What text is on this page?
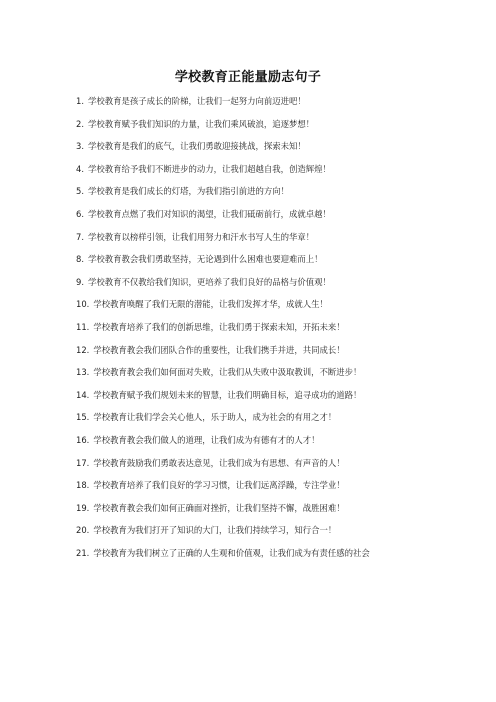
学校教育正能量励志句子
1. 学校教育是孩子成长的阶梯，让我们一起努力向前迈进吧！
2. 学校教育赋予我们知识的力量，让我们乘风破浪，追逐梦想！
3. 学校教育是我们的底气，让我们勇敢迎接挑战，探索未知！
4. 学校教育给予我们不断进步的动力，让我们超越自我，创造辉煌！
5. 学校教育是我们成长的灯塔，为我们指引前进的方向！
6. 学校教育点燃了我们对知识的渴望，让我们砥砺前行，成就卓越！
7. 学校教育以榜样引领，让我们用努力和汗水书写人生的华章！
8. 学校教育教会我们勇敢坚持，无论遇到什么困难也要迎难而上！
9. 学校教育不仅教给我们知识，更培养了我们良好的品格与价值观！
10. 学校教育唤醒了我们无限的潜能，让我们发挥才华，成就人生！
11. 学校教育培养了我们的创新思维，让我们勇于探索未知，开拓未来！
12. 学校教育教会我们团队合作的重要性，让我们携手并进，共同成长！
13. 学校教育教会我们如何面对失败，让我们从失败中汲取教训，不断进步！
14. 学校教育赋予我们规划未来的智慧，让我们明确目标，追寻成功的道路！
15. 学校教育让我们学会关心他人，乐于助人，成为社会的有用之才！
16. 学校教育教会我们做人的道理，让我们成为有德有才的人才！
17. 学校教育鼓励我们勇敢表达意见，让我们成为有思想、有声音的人！
18. 学校教育培养了我们良好的学习习惯，让我们远离浮躁，专注学业！
19. 学校教育教会我们如何正确面对挫折，让我们坚持不懈，战胜困难！
20. 学校教育为我们打开了知识的大门，让我们持续学习，知行合一！
21. 学校教育为我们树立了正确的人生观和价值观，让我们成为有责任感的社会
